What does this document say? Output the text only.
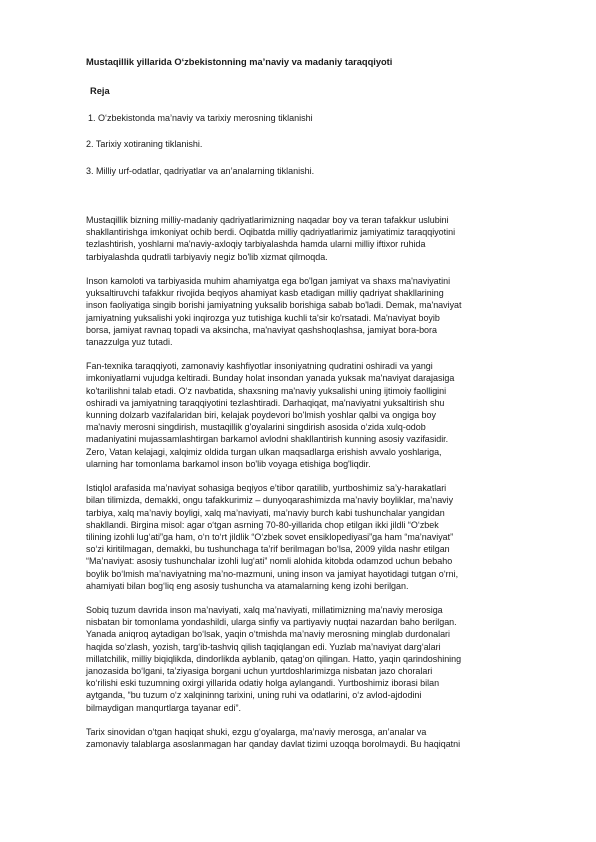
Mustaqillik yillarida O‘zbekistonning ma’naviy va madaniy taraqqiyoti
Reja
1. O‘zbekistonda ma’naviy va tarixiy merosning tiklanishi
2. Tarixiy xotiraning tiklanishi.
3. Milliy urf-odatlar, qadriyatlar va an’analarning tiklanishi.

Mustaqillik bizning milliy-madaniy qadriyatlarimizning naqadar boy va teran tafakkur uslubini
shakllantirishga imkoniyat ochib berdi. Oqibatda milliy qadriyatlarimiz jamiyatimiz taraqqiyotini
tezlashtirish, yoshlarni ma'naviy-axloqiy tarbiyalashda hamda ularni milliy iftixor ruhida
tarbiyalashda qudratli tarbiyaviy negiz bo'lib xizmat qilmoqda.

Inson kamoloti va tarbiyasida muhim ahamiyatga ega bo'lgan jamiyat va shaxs ma'naviyatini
yuksaltiruvchi tafakkur rivojida beqiyos ahamiyat kasb etadigan milliy qadriyat shakllarining
inson faoliyatiga singib borishi jamiyatning yuksalib borishiga sabab bo'ladi. Demak, ma'naviyat
jamiyatning yuksalishi yoki inqirozga yuz tutishiga kuchli ta'sir ko'rsatadi. Ma'naviyat boyib
borsa, jamiyat ravnaq topadi va aksincha, ma'naviyat qashshoqlashsa, jamiyat bora-bora
tanazzulga yuz tutadi.

Fan-texnika taraqqiyoti, zamonaviy kashfiyotlar insoniyatning qudratini oshiradi va yangi
imkoniyatlarni vujudga keltiradi. Bunday holat insondan yanada yuksak ma'naviyat darajasiga
ko'tarilishni talab etadi. O‘z navbatida, shaxsning ma'naviy yuksalishi uning ijtimoiy faolligini
oshiradi va jamiyatning taraqqiyotini tezlashtiradi. Darhaqiqat, ma'naviyatni yuksaltirish shu
kunning dolzarb vazifalaridan biri, kelajak poydevori bo'lmish yoshlar qalbi va ongiga boy
ma'naviy merosni singdirish, mustaqillik g'oyalarini singdirish asosida o‘zida xulq-odob
madaniyatini mujassamlashtirgan barkamol avlodni shakllantirish kunning asosiy vazifasidir.
Zero, Vatan kelajagi, xalqimiz oldida turgan ulkan maqsadlarga erishish avvalo yoshlariga,
ularning har tomonlama barkamol inson bo'lib voyaga etishiga bog'liqdir.

Istiqlol arafasida ma’naviyat sohasiga beqiyos e’tibor qaratilib, yurtboshimiz sa’y-harakatlari
bilan tilimizda, demakki, ongu tafakkurimiz – dunyoqarashimizda ma’naviy boyliklar, ma’naviy
tarbiya, xalq ma’naviy boyligi, xalq ma’naviyati, ma’naviy burch kabi tushunchalar yangidan
shakllandi. Birgina misol: agar o‘tgan asrning 70-80-yillarida chop etilgan ikki jildli “O‘zbek
tilining izohli lug‘ati”ga ham, o‘n to‘rt jildlik “O‘zbek sovet ensiklopediyasi”ga ham “ma’naviyat”
so‘zi kiritilmagan, demakki, bu tushunchaga ta’rif berilmagan bo‘lsa, 2009 yilda nashr etilgan
“Ma’naviyat: asosiy tushunchalar izohli lug‘ati” nomli alohida kitobda odamzod uchun bebaho
boylik bo‘lmish ma’naviyatning ma’no-mazmuni, uning inson va jamiyat hayotidagi tutgan o‘rni,
ahamiyati bilan bog‘liq eng asosiy tushuncha va atamalarning keng izohi berilgan.

Sobiq tuzum davrida inson ma’naviyati, xalq ma’naviyati, millatimizning ma’naviy merosiga
nisbatan bir tomonlama yondashildi, ularga sinfiy va partiyaviy nuqtai nazardan baho berilgan.
Yanada aniqroq aytadigan bo‘lsak, yaqin o‘tmishda ma’naviy merosning minglab durdonalari
haqida so‘zlash, yozish, targ‘ib-tashviq qilish taqiqlangan edi. Yuzlab ma’naviyat darg‘alari
millatchilik, milliy biqiqlikda, dindorlikda ayblanib, qatag‘on qilingan. Hatto, yaqin qarindoshining
janozasida bo‘lgani, ta’ziyasiga borgani uchun yurtdoshlarimizga nisbatan jazo choralari
ko‘rilishi eski tuzumning oxirgi yillarida odatiy holga aylangandi. Yurtboshimiz iborasi bilan
aytganda, “bu tuzum o‘z xalqininng tarixini, uning ruhi va odatlarini, o‘z avlod-ajdodini
bilmaydigan manqurtlarga tayanar edi”.

Tarix sinovidan o‘tgan haqiqat shuki, ezgu g‘oyalarga, ma’naviy merosga, an’analar va
zamonaviy talablarga asoslanmagan har qanday davlat tizimi uzoqqa borolmaydi. Bu haqiqatni
